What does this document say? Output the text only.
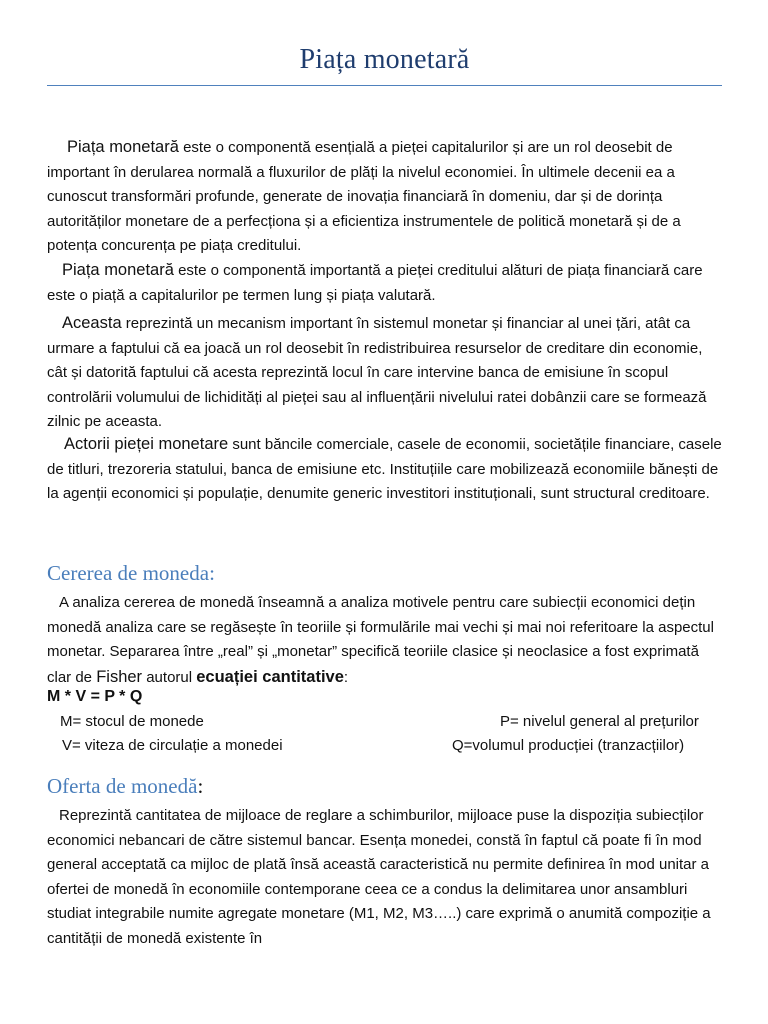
Piața monetară

Piața monetară este o componentă esențială a pieței capitalurilor și are un rol deosebit de important în derularea normală a fluxurilor de plăți la nivelul economiei. În ultimele decenii ea a cunoscut transformări profunde, generate de inovația financiară în domeniu, dar și de dorința autorităților monetare de a perfecționa și a eficientiza instrumentele de politică monetară și de a potența concurența pe piața creditului.

Piața monetară este o componentă importantă a pieței creditului alături de piața financiară care este o piață a capitalurilor pe termen lung și piața valutară.

Aceasta reprezintă un mecanism important în sistemul monetar și financiar al unei țări, atât ca urmare a faptului că ea joacă un rol deosebit în redistribuirea resurselor de creditare din economie, cât și datorită faptului că acesta reprezintă locul în care intervine banca de emisiune în scopul controlării volumului de lichidități al pieței sau al influențării nivelului ratei dobânzii care se formează zilnic pe aceasta.

Actorii pieței monetare sunt băncile comerciale, casele de economii, societățile financiare, casele de titluri, trezoreria statului, banca de emisiune etc. Instituțiile care mobilizează economiile bănești de la agenții economici și populație, denumite generic investitori instituționali, sunt structural creditoare.

Cererea de moneda:

A analiza cererea de monedă înseamnă a analiza motivele pentru care subiecții economici dețin monedă analiza care se regăsește în teoriile și formulările mai vechi și mai noi referitoare la aspectul monetar. Separarea între „real” și „monetar” specifică teoriile clasice și neoclasice a fost exprimată clar de Fisher autorul ecuației cantitative:

M * V = P * Q
M= stocul de monede	P= nivelul general al prețurilor
V= viteza de circulație a monedei	Q=volumul producției (tranzacțiilor)
Oferta de monedă:

Reprezintă cantitatea de mijloace de reglare a schimburilor, mijloace puse la dispoziția subiecților economici nebancari de către sistemul bancar. Esența monedei, constă în faptul că poate fi în mod general acceptată ca mijloc de plată însă această caracteristică nu permite definirea în mod unitar a ofertei de monedă în economiile contemporane ceea ce a condus la delimitarea unor ansambluri studiat integrabile numite agregate monetare (M1, M2, M3…..) care exprimă o anumită compoziție a cantității de monedă existente în
